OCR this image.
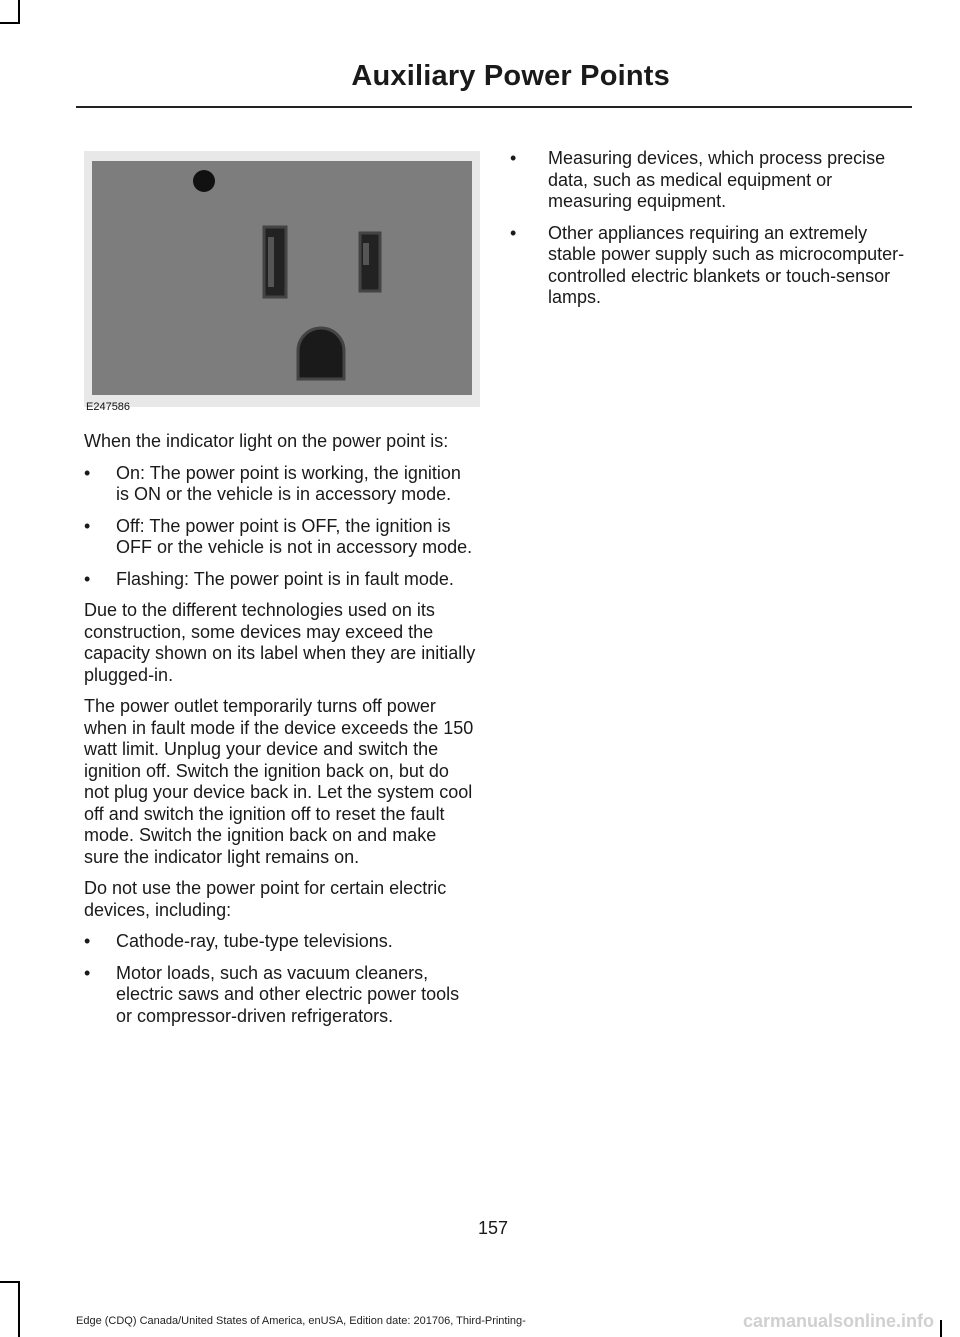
Auxiliary Power Points
E247586

When the indicator light on the power point is:

• On: The power point is working, the ignition is ON or the vehicle is in accessory mode.
• Off: The power point is OFF, the ignition is OFF or the vehicle is not in accessory mode.
• Flashing: The power point is in fault mode.

Due to the different technologies used on its construction, some devices may exceed the capacity shown on its label when they are initially plugged-in.

The power outlet temporarily turns off power when in fault mode if the device exceeds the 150 watt limit. Unplug your device and switch the ignition off. Switch the ignition back on, but do not plug your device back in. Let the system cool off and switch the ignition off to reset the fault mode. Switch the ignition back on and make sure the indicator light remains on.

Do not use the power point for certain electric devices, including:

• Cathode-ray, tube-type televisions.
• Motor loads, such as vacuum cleaners, electric saws and other electric power tools or compressor-driven refrigerators.
• Measuring devices, which process precise data, such as medical equipment or measuring equipment.
• Other appliances requiring an extremely stable power supply such as microcomputer-controlled electric blankets or touch-sensor lamps.
157
Edge (CDQ) Canada/United States of America, enUSA, Edition date: 201706, Third-Printing-	carmanualsonline.info
